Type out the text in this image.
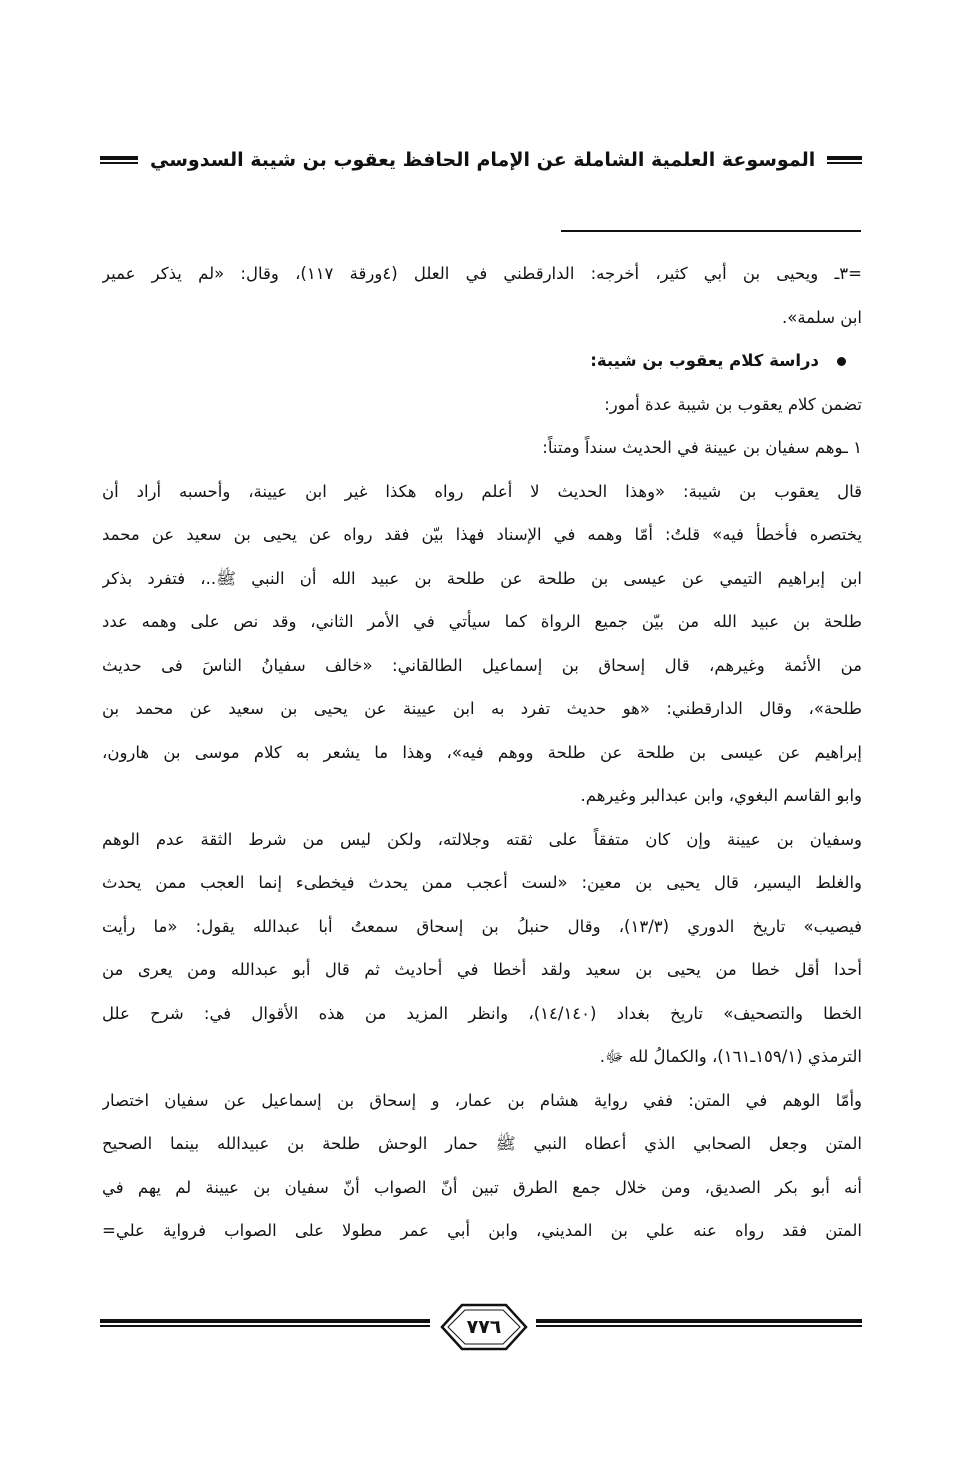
الموسوعة العلمية الشاملة عن الإمام الحافظ يعقوب بن شيبة السدوسي
=٣ـ ويحيى بن أبي كثير، أخرجه: الدارقطني في العلل (٤ورقة ١١٧)، وقال: «لم يذكر عمير
ابن سلمة».
دراسة كلام يعقوب بن شيبة:
تضمن كلام يعقوب بن شيبة عدة أمور:
١ ـوهم سفيان بن عيينة في الحديث سنداً ومتناً:
قال يعقوب بن شيبة: «وهذا الحديث لا أعلم رواه هكذا غير ابن عيينة، وأحسبه أراد أن
يختصره فأخطأ فيه» قلتُ: أمّا وهمه في الإسناد فهذا بيّن فقد رواه عن يحيى بن سعيد عن محمد
ابن إبراهيم التيمي عن عيسى بن طلحة عن طلحة بن عبيد الله أن النبي ﷺ..، فتفرد بذكر
طلحة بن عبيد الله من بيّن جميع الرواة كما سيأتي في الأمر الثاني، وقد نص على وهمه عدد
من الأئمة وغيرهم، قال إسحاق بن إسماعيل الطالقاني: «خالف سفيانُ الناسَ فى حديث
طلحة»، وقال الدارقطني: «هو حديث تفرد به ابن عيينة عن يحيى بن سعيد عن محمد بن
إبراهيم عن عيسى بن طلحة عن طلحة ووهم فيه»، وهذا ما يشعر به كلام موسى بن هارون،
وابو القاسم البغوي، وابن عبدالبر وغيرهم.
وسفيان بن عيينة وإن كان متفقاً على ثقته وجلالته، ولكن ليس من شرط الثقة عدم الوهم
والغلط اليسير، قال يحيى بن معين: «لست أعجب ممن يحدث فيخطىء إنما العجب ممن يحدث
فيصيب» تاريخ الدوري (١٣/٣)، وقال حنبلُ بن إسحاق سمعتُ أبا عبدالله يقول: «ما رأيت
أحدا أقل خطا من يحيى بن سعيد ولقد أخطا في أحاديث ثم قال أبو عبدالله ومن يعرى من
الخطا والتصحيف» تاريخ بغداد (١٤/١٤٠)، وانظر المزيد من هذه الأقوال في: شرح علل
الترمذي (١٥٩/١ـ١٦١)، والكمالُ لله ﷻ.
وأمّا الوهم في المتن: ففي رواية هشام بن عمار، و إسحاق بن إسماعيل عن سفيان اختصار
المتن وجعل الصحابي الذي أعطاه النبي ﷺ حمار الوحش طلحة بن عبيدالله بينما الصحيح
أنه أبو بكر الصديق، ومن خلال جمع الطرق تبين أنّ الصواب أنّ سفيان بن عيينة لم يهم في
المتن فقد رواه عنه علي بن المديني، وابن أبي عمر مطولا على الصواب فرواية علي=
٧٧٦
